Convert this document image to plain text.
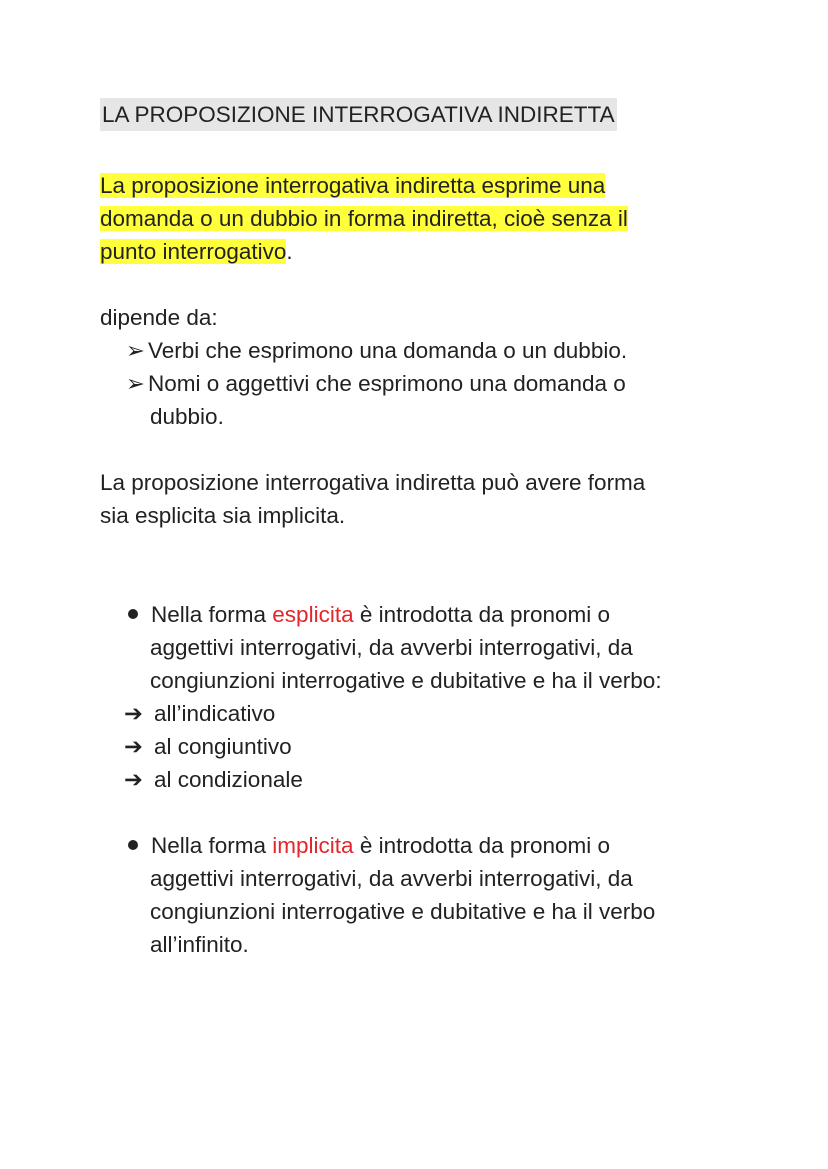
LA PROPOSIZIONE INTERROGATIVA INDIRETTA
La proposizione interrogativa indiretta esprime una
domanda o un dubbio in forma indiretta, cioè senza il
punto interrogativo.
dipende da:
➢ Verbi che esprimono una domanda o un dubbio.
➢ Nomi o aggettivi che esprimono una domanda o
dubbio.
La proposizione interrogativa indiretta può avere forma
sia esplicita sia implicita.
Nella forma esplicita è introdotta da pronomi o
aggettivi interrogativi, da avverbi interrogativi, da
congiunzioni interrogative e dubitative e ha il verbo:
➔ all’indicativo
➔ al congiuntivo
➔ al condizionale
Nella forma implicita è introdotta da pronomi o
aggettivi interrogativi, da avverbi interrogativi, da
congiunzioni interrogative e dubitative e ha il verbo
all’infinito.
